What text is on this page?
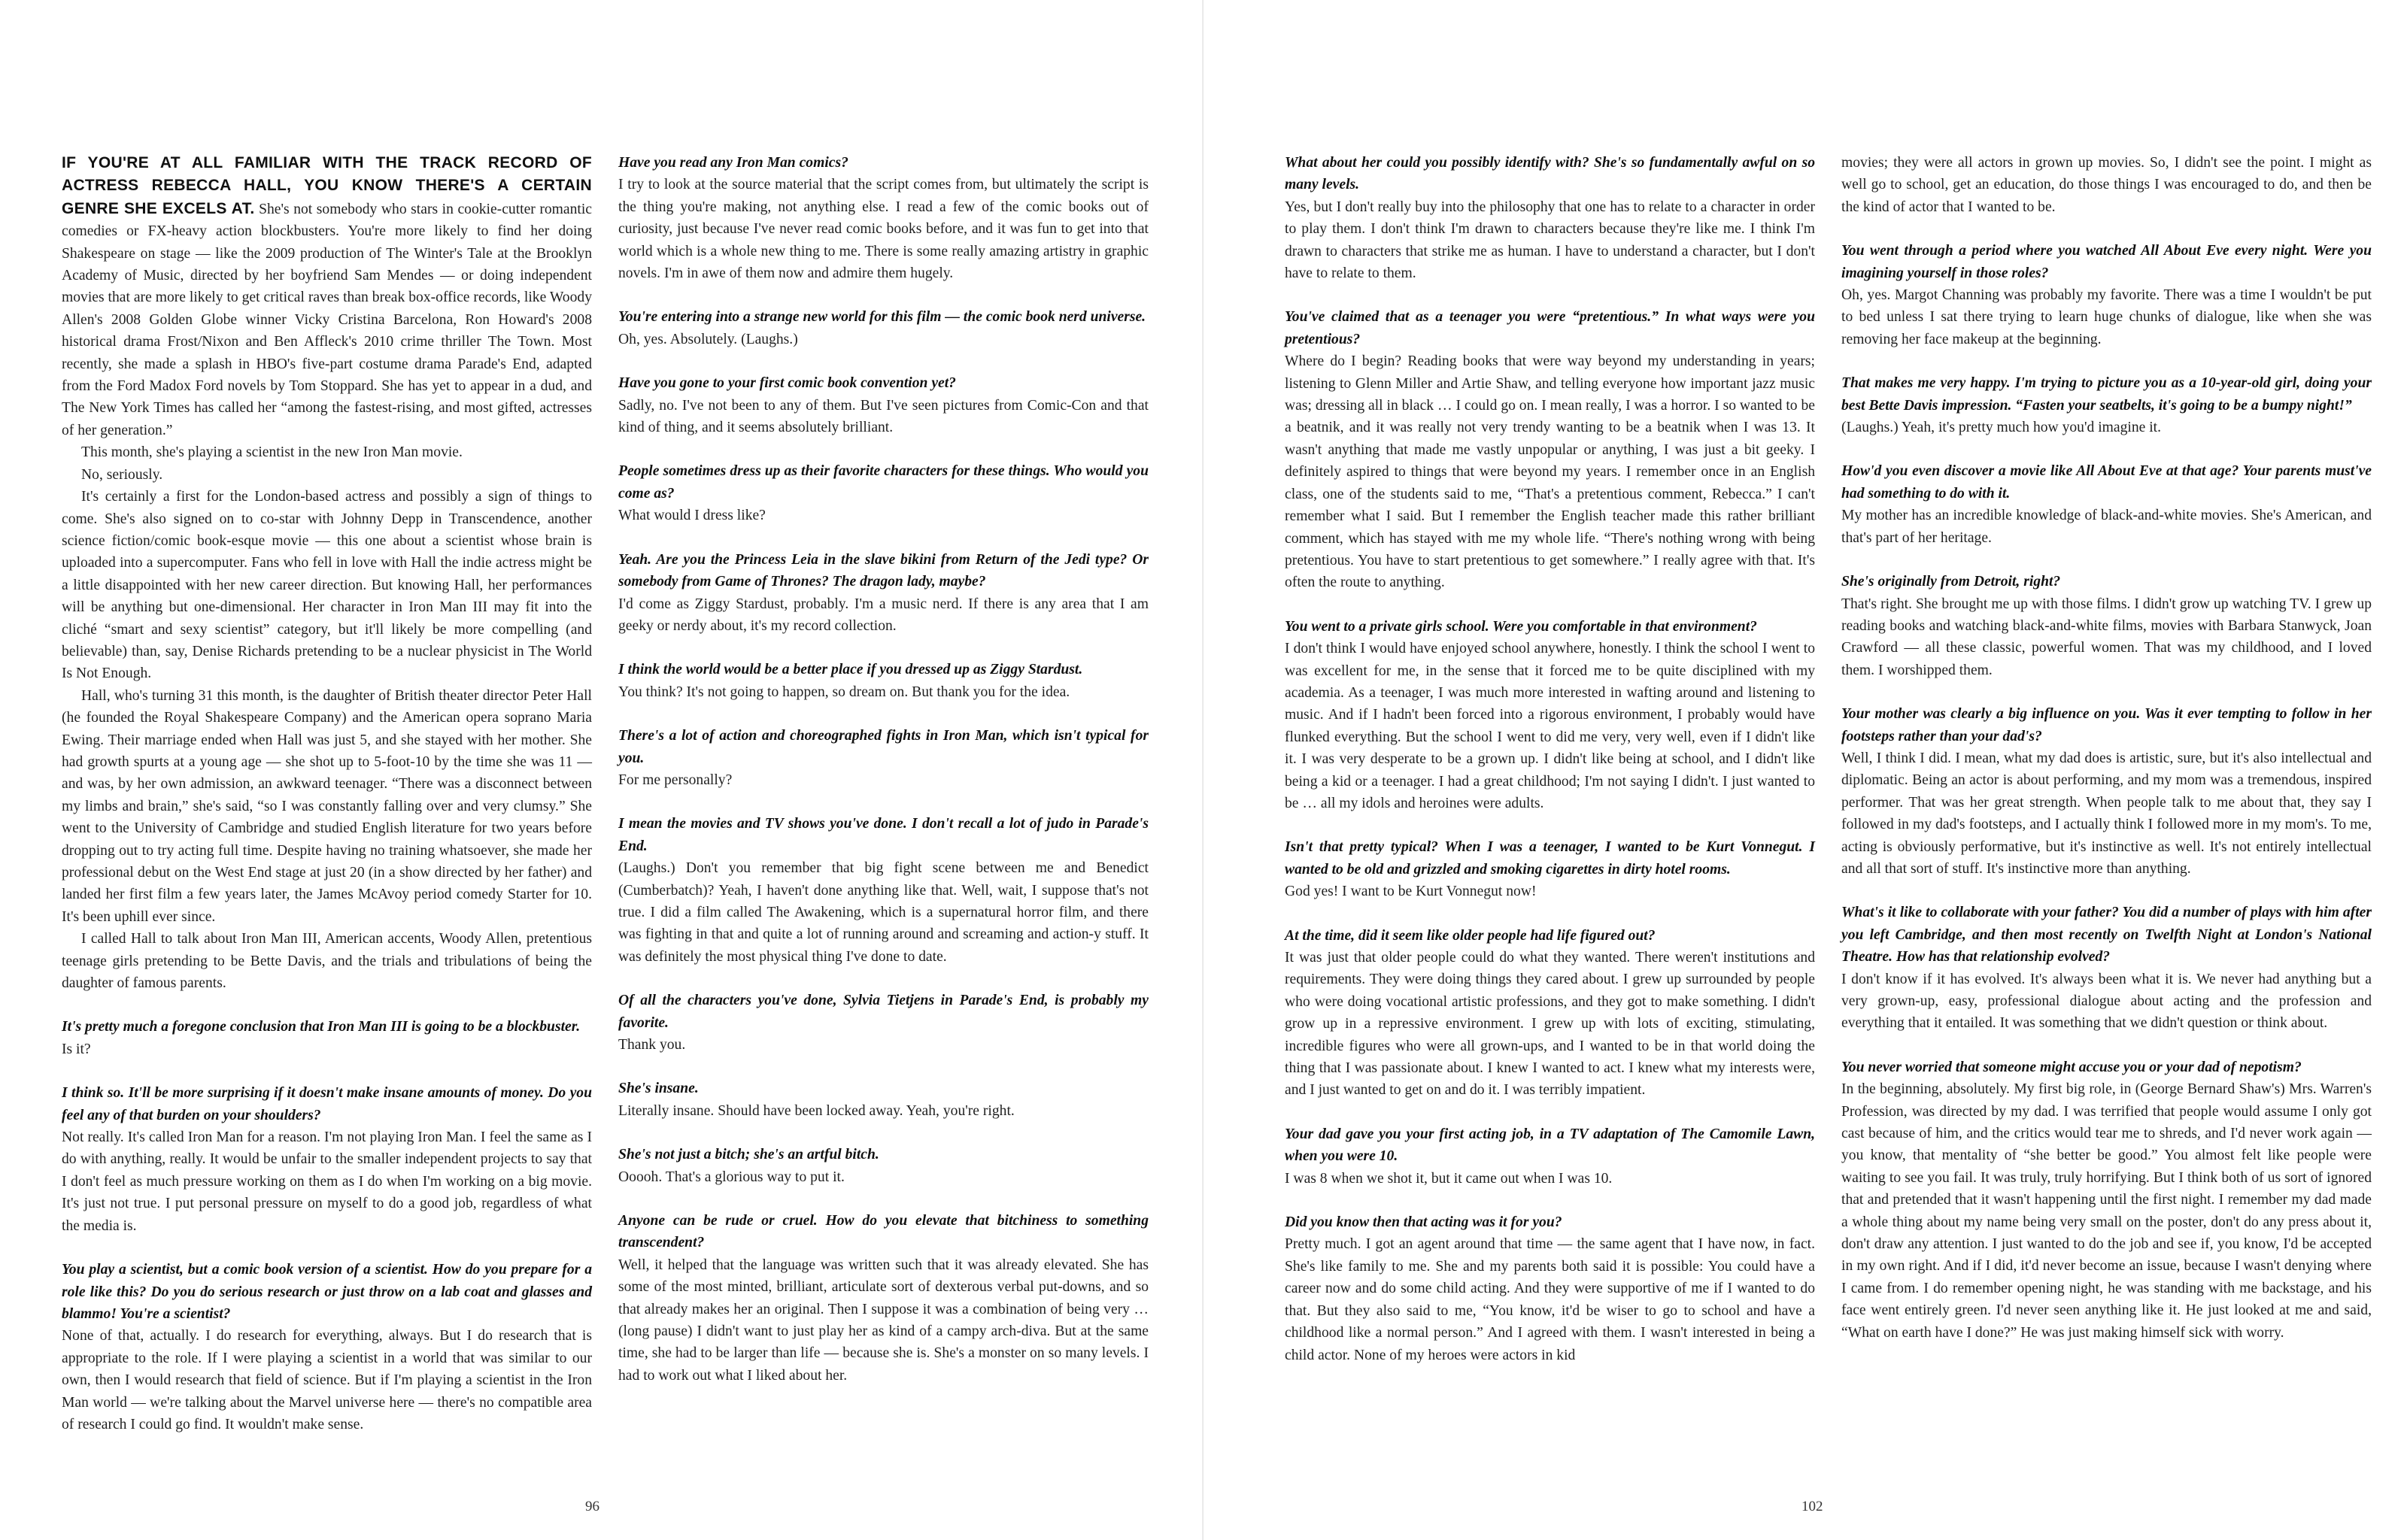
IF YOU'RE AT ALL FAMILIAR WITH THE TRACK RECORD OF ACTRESS REBECCA HALL, YOU KNOW THERE'S A CERTAIN GENRE SHE EXCELS AT. She's not somebody who stars in cookie-cutter romantic comedies or FX-heavy action blockbusters. You're more likely to find her doing Shakespeare on stage — like the 2009 production of The Winter's Tale at the Brooklyn Academy of Music, directed by her boyfriend Sam Mendes — or doing independent movies that are more likely to get critical raves than break box-office records, like Woody Allen's 2008 Golden Globe winner Vicky Cristina Barcelona, Ron Howard's 2008 historical drama Frost/Nixon and Ben Affleck's 2010 crime thriller The Town. Most recently, she made a splash in HBO's five-part costume drama Parade's End, adapted from the Ford Madox Ford novels by Tom Stoppard. She has yet to appear in a dud, and The New York Times has called her “among the fastest-rising, and most gifted, actresses of her generation.”

This month, she's playing a scientist in the new Iron Man movie.

No, seriously.

It's certainly a first for the London-based actress and possibly a sign of things to come. She's also signed on to co-star with Johnny Depp in Transcendence, another science fiction/comic book-esque movie — this one about a scientist whose brain is uploaded into a supercomputer. Fans who fell in love with Hall the indie actress might be a little disappointed with her new career direction. But knowing Hall, her performances will be anything but one-dimensional. Her character in Iron Man III may fit into the cliché “smart and sexy scientist” category, but it'll likely be more compelling (and believable) than, say, Denise Richards pretending to be a nuclear physicist in The World Is Not Enough.

Hall, who's turning 31 this month, is the daughter of British theater director Peter Hall (he founded the Royal Shakespeare Company) and the American opera soprano Maria Ewing. Their marriage ended when Hall was just 5, and she stayed with her mother. She had growth spurts at a young age — she shot up to 5-foot-10 by the time she was 11 — and was, by her own admission, an awkward teenager. “There was a disconnect between my limbs and brain,” she's said, “so I was constantly falling over and very clumsy.” She went to the University of Cambridge and studied English literature for two years before dropping out to try acting full time. Despite having no training whatsoever, she made her professional debut on the West End stage at just 20 (in a show directed by her father) and landed her first film a few years later, the James McAvoy period comedy Starter for 10. It's been uphill ever since.

I called Hall to talk about Iron Man III, American accents, Woody Allen, pretentious teenage girls pretending to be Bette Davis, and the trials and tribulations of being the daughter of famous parents.

It's pretty much a foregone conclusion that Iron Man III is going to be a blockbuster.

Is it?

I think so. It'll be more surprising if it doesn't make insane amounts of money. Do you feel any of that burden on your shoulders?

Not really. It's called Iron Man for a reason. I'm not playing Iron Man. I feel the same as I do with anything, really. It would be unfair to the smaller independent projects to say that I don't feel as much pressure working on them as I do when I'm working on a big movie. It's just not true. I put personal pressure on myself to do a good job, regardless of what the media is.

You play a scientist, but a comic book version of a scientist. How do you prepare for a role like this? Do you do serious research or just throw on a lab coat and glasses and blammo! You're a scientist?

None of that, actually. I do research for everything, always. But I do research that is appropriate to the role. If I were playing a scientist in a world that was similar to our own, then I would research that field of science. But if I'm playing a scientist in the Iron Man world — we're talking about the Marvel universe here — there's no compatible area of research I could go find. It wouldn't make sense.

Have you read any Iron Man comics?

I try to look at the source material that the script comes from, but ultimately the script is the thing you're making, not anything else. I read a few of the comic books out of curiosity, just because I've never read comic books before, and it was fun to get into that world which is a whole new thing to me. There is some really amazing artistry in graphic novels. I'm in awe of them now and admire them hugely.

You're entering into a strange new world for this film — the comic book nerd universe.

Oh, yes. Absolutely. (Laughs.)

Have you gone to your first comic book convention yet?

Sadly, no. I've not been to any of them. But I've seen pictures from Comic-Con and that kind of thing, and it seems absolutely brilliant.

People sometimes dress up as their favorite characters for these things. Who would you come as?

What would I dress like?

Yeah. Are you the Princess Leia in the slave bikini from Return of the Jedi type? Or somebody from Game of Thrones? The dragon lady, maybe?

I'd come as Ziggy Stardust, probably. I'm a music nerd. If there is any area that I am geeky or nerdy about, it's my record collection.

I think the world would be a better place if you dressed up as Ziggy Stardust.

You think? It's not going to happen, so dream on. But thank you for the idea.

There's a lot of action and choreographed fights in Iron Man, which isn't typical for you.

For me personally?

I mean the movies and TV shows you've done. I don't recall a lot of judo in Parade's End.

(Laughs.) Don't you remember that big fight scene between me and Benedict (Cumberbatch)? Yeah, I haven't done anything like that. Well, wait, I suppose that's not true. I did a film called The Awakening, which is a supernatural horror film, and there was fighting in that and quite a lot of running around and screaming and action-y stuff. It was definitely the most physical thing I've done to date.

Of all the characters you've done, Sylvia Tietjens in Parade's End, is probably my favorite.

Thank you.

She's insane.

Literally insane. Should have been locked away. Yeah, you're right.

She's not just a bitch; she's an artful bitch.

Ooooh. That's a glorious way to put it.

Anyone can be rude or cruel. How do you elevate that bitchiness to something transcendent?

Well, it helped that the language was written such that it was already elevated. She has some of the most minted, brilliant, articulate sort of dexterous verbal put-downs, and so that already makes her an original. Then I suppose it was a combination of being very … (long pause) I didn't want to just play her as kind of a campy arch-diva. But at the same time, she had to be larger than life — because she is. She's a monster on so many levels. I had to work out what I liked about her.

96

What about her could you possibly identify with? She's so fundamentally awful on so many levels.

Yes, but I don't really buy into the philosophy that one has to relate to a character in order to play them. I don't think I'm drawn to characters because they're like me. I think I'm drawn to characters that strike me as human. I have to understand a character, but I don't have to relate to them.

You've claimed that as a teenager you were “pretentious.” In what ways were you pretentious?

Where do I begin? Reading books that were way beyond my understanding in years; listening to Glenn Miller and Artie Shaw, and telling everyone how important jazz music was; dressing all in black … I could go on. I mean really, I was a horror. I so wanted to be a beatnik, and it was really not very trendy wanting to be a beatnik when I was 13. It wasn't anything that made me vastly unpopular or anything, I was just a bit geeky. I definitely aspired to things that were beyond my years. I remember once in an English class, one of the students said to me, “That's a pretentious comment, Rebecca.” I can't remember what I said. But I remember the English teacher made this rather brilliant comment, which has stayed with me my whole life. “There's nothing wrong with being pretentious. You have to start pretentious to get somewhere.” I really agree with that. It's often the route to anything.

You went to a private girls school. Were you comfortable in that environment?

I don't think I would have enjoyed school anywhere, honestly. I think the school I went to was excellent for me, in the sense that it forced me to be quite disciplined with my academia. As a teenager, I was much more interested in wafting around and listening to music. And if I hadn't been forced into a rigorous environment, I probably would have flunked everything. But the school I went to did me very, very well, even if I didn't like it. I was very desperate to be a grown up. I didn't like being at school, and I didn't like being a kid or a teenager. I had a great childhood; I'm not saying I didn't. I just wanted to be … all my idols and heroines were adults.

Isn't that pretty typical? When I was a teenager, I wanted to be Kurt Vonnegut. I wanted to be old and grizzled and smoking cigarettes in dirty hotel rooms.

God yes! I want to be Kurt Vonnegut now!

At the time, did it seem like older people had life figured out?

It was just that older people could do what they wanted. There weren't institutions and requirements. They were doing things they cared about. I grew up surrounded by people who were doing vocational artistic professions, and they got to make something. I didn't grow up in a repressive environment. I grew up with lots of exciting, stimulating, incredible figures who were all grown-ups, and I wanted to be in that world doing the thing that I was passionate about. I knew I wanted to act. I knew what my interests were, and I just wanted to get on and do it. I was terribly impatient.

Your dad gave you your first acting job, in a TV adaptation of The Camomile Lawn, when you were 10.

I was 8 when we shot it, but it came out when I was 10.

Did you know then that acting was it for you?

Pretty much. I got an agent around that time — the same agent that I have now, in fact. She's like family to me. She and my parents both said it is possible: You could have a career now and do some child acting. And they were supportive of me if I wanted to do that. But they also said to me, “You know, it'd be wiser to go to school and have a childhood like a normal person.” And I agreed with them. I wasn't interested in being a child actor. None of my heroes were actors in kid

movies; they were all actors in grown up movies. So, I didn't see the point. I might as well go to school, get an education, do those things I was encouraged to do, and then be the kind of actor that I wanted to be.

You went through a period where you watched All About Eve every night. Were you imagining yourself in those roles?

Oh, yes. Margot Channing was probably my favorite. There was a time I wouldn't be put to bed unless I sat there trying to learn huge chunks of dialogue, like when she was removing her face makeup at the beginning.

That makes me very happy. I'm trying to picture you as a 10-year-old girl, doing your best Bette Davis impression. “Fasten your seatbelts, it's going to be a bumpy night!”

(Laughs.) Yeah, it's pretty much how you'd imagine it.

How'd you even discover a movie like All About Eve at that age? Your parents must've had something to do with it.

My mother has an incredible knowledge of black-and-white movies. She's American, and that's part of her heritage.

She's originally from Detroit, right?

That's right. She brought me up with those films. I didn't grow up watching TV. I grew up reading books and watching black-and-white films, movies with Barbara Stanwyck, Joan Crawford — all these classic, powerful women. That was my childhood, and I loved them. I worshipped them.

Your mother was clearly a big influence on you. Was it ever tempting to follow in her footsteps rather than your dad's?

Well, I think I did. I mean, what my dad does is artistic, sure, but it's also intellectual and diplomatic. Being an actor is about performing, and my mom was a tremendous, inspired performer. That was her great strength. When people talk to me about that, they say I followed in my dad's footsteps, and I actually think I followed more in my mom's. To me, acting is obviously performative, but it's instinctive as well. It's not entirely intellectual and all that sort of stuff. It's instinctive more than anything.

What's it like to collaborate with your father? You did a number of plays with him after you left Cambridge, and then most recently on Twelfth Night at London's National Theatre. How has that relationship evolved?

I don't know if it has evolved. It's always been what it is. We never had anything but a very grown-up, easy, professional dialogue about acting and the profession and everything that it entailed. It was something that we didn't question or think about.

You never worried that someone might accuse you or your dad of nepotism?

In the beginning, absolutely. My first big role, in (George Bernard Shaw's) Mrs. Warren's Profession, was directed by my dad. I was terrified that people would assume I only got cast because of him, and the critics would tear me to shreds, and I'd never work again — you know, that mentality of “she better be good.” You almost felt like people were waiting to see you fail. It was truly, truly horrifying. But I think both of us sort of ignored that and pretended that it wasn't happening until the first night. I remember my dad made a whole thing about my name being very small on the poster, don't do any press about it, don't draw any attention. I just wanted to do the job and see if, you know, I'd be accepted in my own right. And if I did, it'd never become an issue, because I wasn't denying where I came from. I do remember opening night, he was standing with me backstage, and his face went entirely green. I'd never seen anything like it. He just looked at me and said, “What on earth have I done?” He was just making himself sick with worry.

102
